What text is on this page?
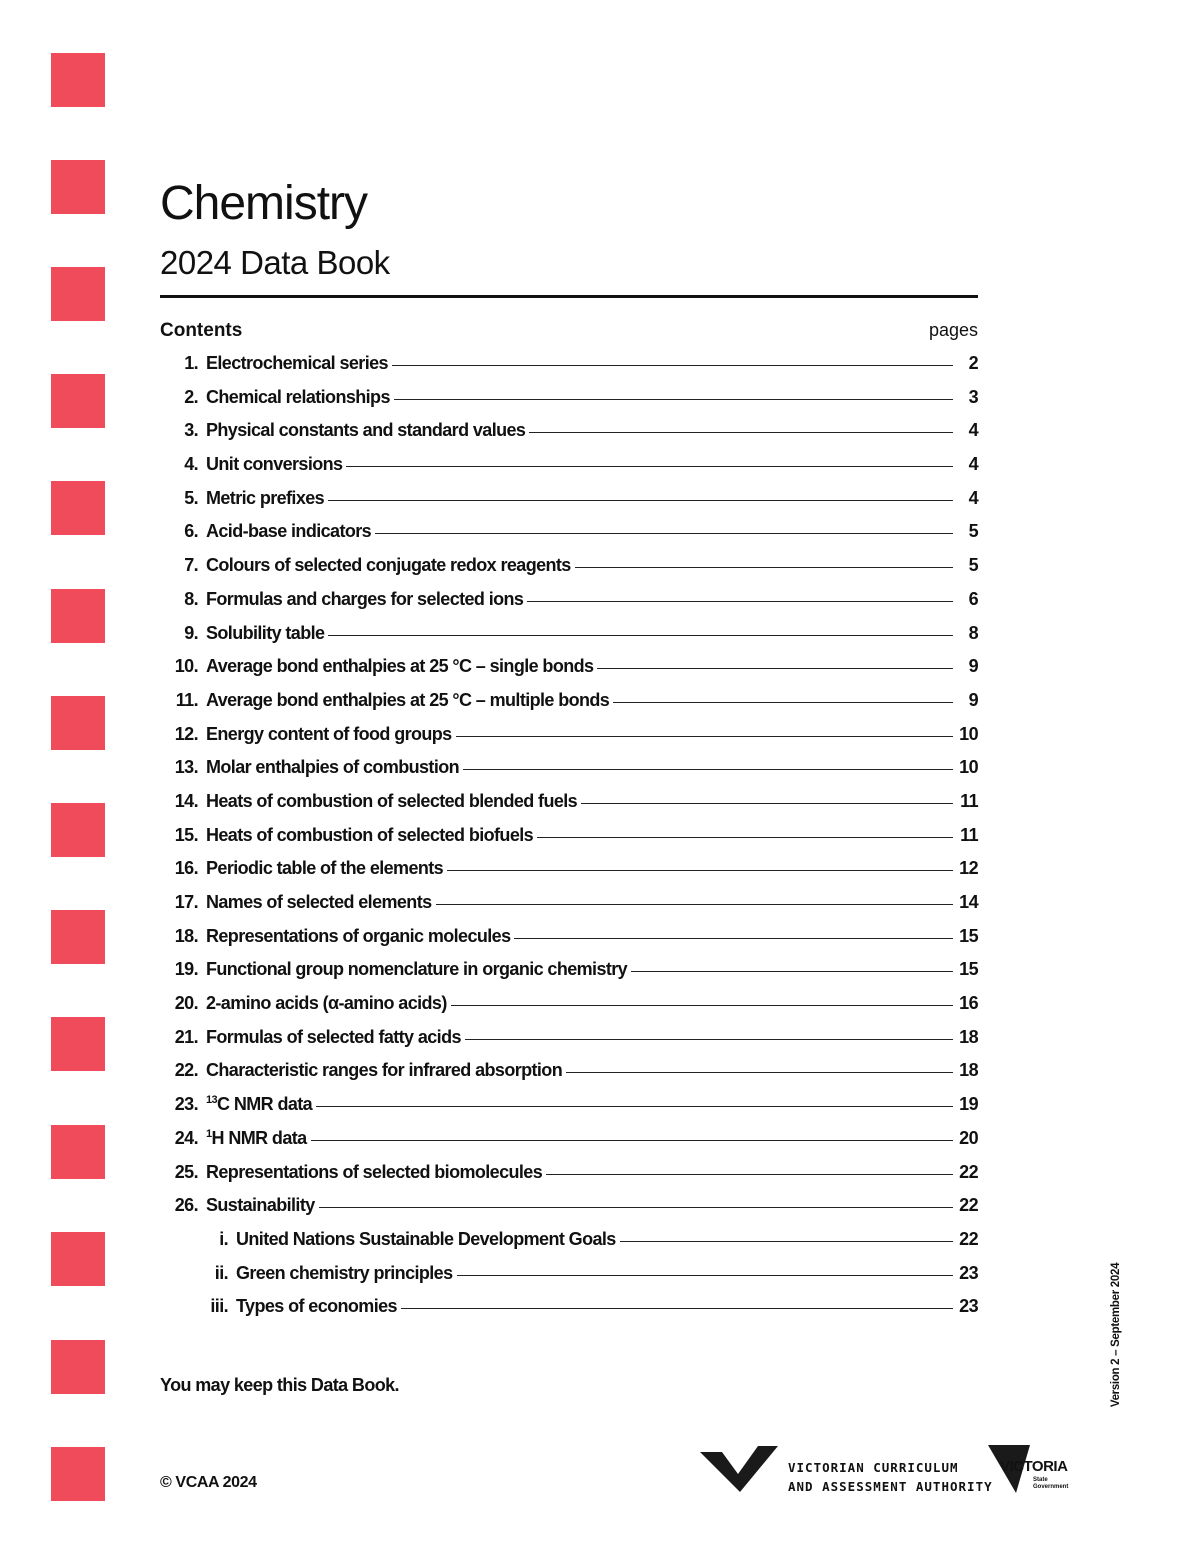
Chemistry
2024 Data Book
Contents	pages
1. Electrochemical series	2
2. Chemical relationships	3
3. Physical constants and standard values	4
4. Unit conversions	4
5. Metric prefixes	4
6. Acid-base indicators	5
7. Colours of selected conjugate redox reagents	5
8. Formulas and charges for selected ions	6
9. Solubility table	8
10. Average bond enthalpies at 25 °C – single bonds	9
11. Average bond enthalpies at 25 °C – multiple bonds	9
12. Energy content of food groups	10
13. Molar enthalpies of combustion	10
14. Heats of combustion of selected blended fuels	11
15. Heats of combustion of selected biofuels	11
16. Periodic table of the elements	12
17. Names of selected elements	14
18. Representations of organic molecules	15
19. Functional group nomenclature in organic chemistry	15
20. 2-amino acids (α-amino acids)	16
21. Formulas of selected fatty acids	18
22. Characteristic ranges for infrared absorption	18
23. $^{13}$C NMR data	19
24. $^1$H NMR data	20
25. Representations of selected biomolecules	22
26. Sustainability	22
i. United Nations Sustainable Development Goals	22
ii. Green chemistry principles	23
iii. Types of economies	23

You may keep this Data Book.

© VCAA 2024

Version 2 – September 2024

VICTORIAN CURRICULUM
AND ASSESSMENT AUTHORITY

VICTORIA
State
Government
